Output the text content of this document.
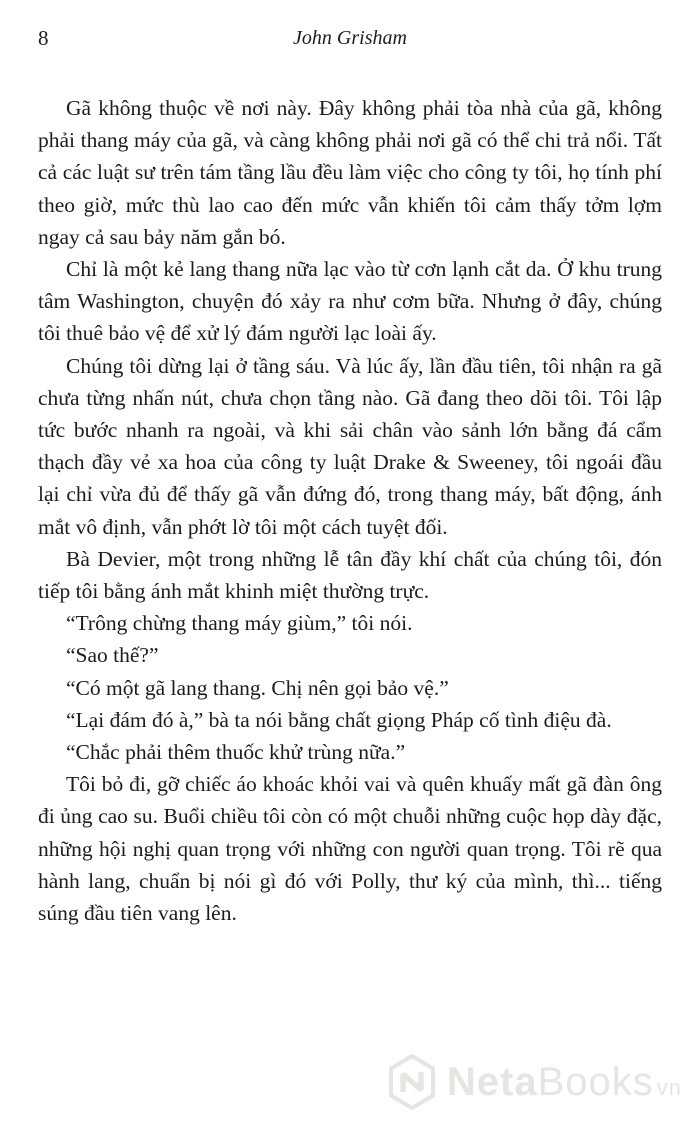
8	John Grisham

Gã không thuộc về nơi này. Đây không phải tòa nhà của gã, không phải thang máy của gã, và càng không phải nơi gã có thể chi trả nổi. Tất cả các luật sư trên tám tầng lầu đều làm việc cho công ty tôi, họ tính phí theo giờ, mức thù lao cao đến mức vẫn khiến tôi cảm thấy tởm lợm ngay cả sau bảy năm gắn bó.

Chỉ là một kẻ lang thang nữa lạc vào từ cơn lạnh cắt da. Ở khu trung tâm Washington, chuyện đó xảy ra như cơm bữa. Nhưng ở đây, chúng tôi thuê bảo vệ để xử lý đám người lạc loài ấy.

Chúng tôi dừng lại ở tầng sáu. Và lúc ấy, lần đầu tiên, tôi nhận ra gã chưa từng nhấn nút, chưa chọn tầng nào. Gã đang theo dõi tôi. Tôi lập tức bước nhanh ra ngoài, và khi sải chân vào sảnh lớn bằng đá cẩm thạch đầy vẻ xa hoa của công ty luật Drake & Sweeney, tôi ngoái đầu lại chỉ vừa đủ để thấy gã vẫn đứng đó, trong thang máy, bất động, ánh mắt vô định, vẫn phớt lờ tôi một cách tuyệt đối.

Bà Devier, một trong những lễ tân đầy khí chất của chúng tôi, đón tiếp tôi bằng ánh mắt khinh miệt thường trực.

“Trông chừng thang máy giùm,” tôi nói.

“Sao thế?”

“Có một gã lang thang. Chị nên gọi bảo vệ.”

“Lại đám đó à,” bà ta nói bằng chất giọng Pháp cố tình điệu đà.

“Chắc phải thêm thuốc khử trùng nữa.”

Tôi bỏ đi, gỡ chiếc áo khoác khỏi vai và quên khuấy mất gã đàn ông đi ủng cao su. Buổi chiều tôi còn có một chuỗi những cuộc họp dày đặc, những hội nghị quan trọng với những con người quan trọng. Tôi rẽ qua hành lang, chuẩn bị nói gì đó với Polly, thư ký của mình, thì... tiếng súng đầu tiên vang lên.

NetaBooks vn
